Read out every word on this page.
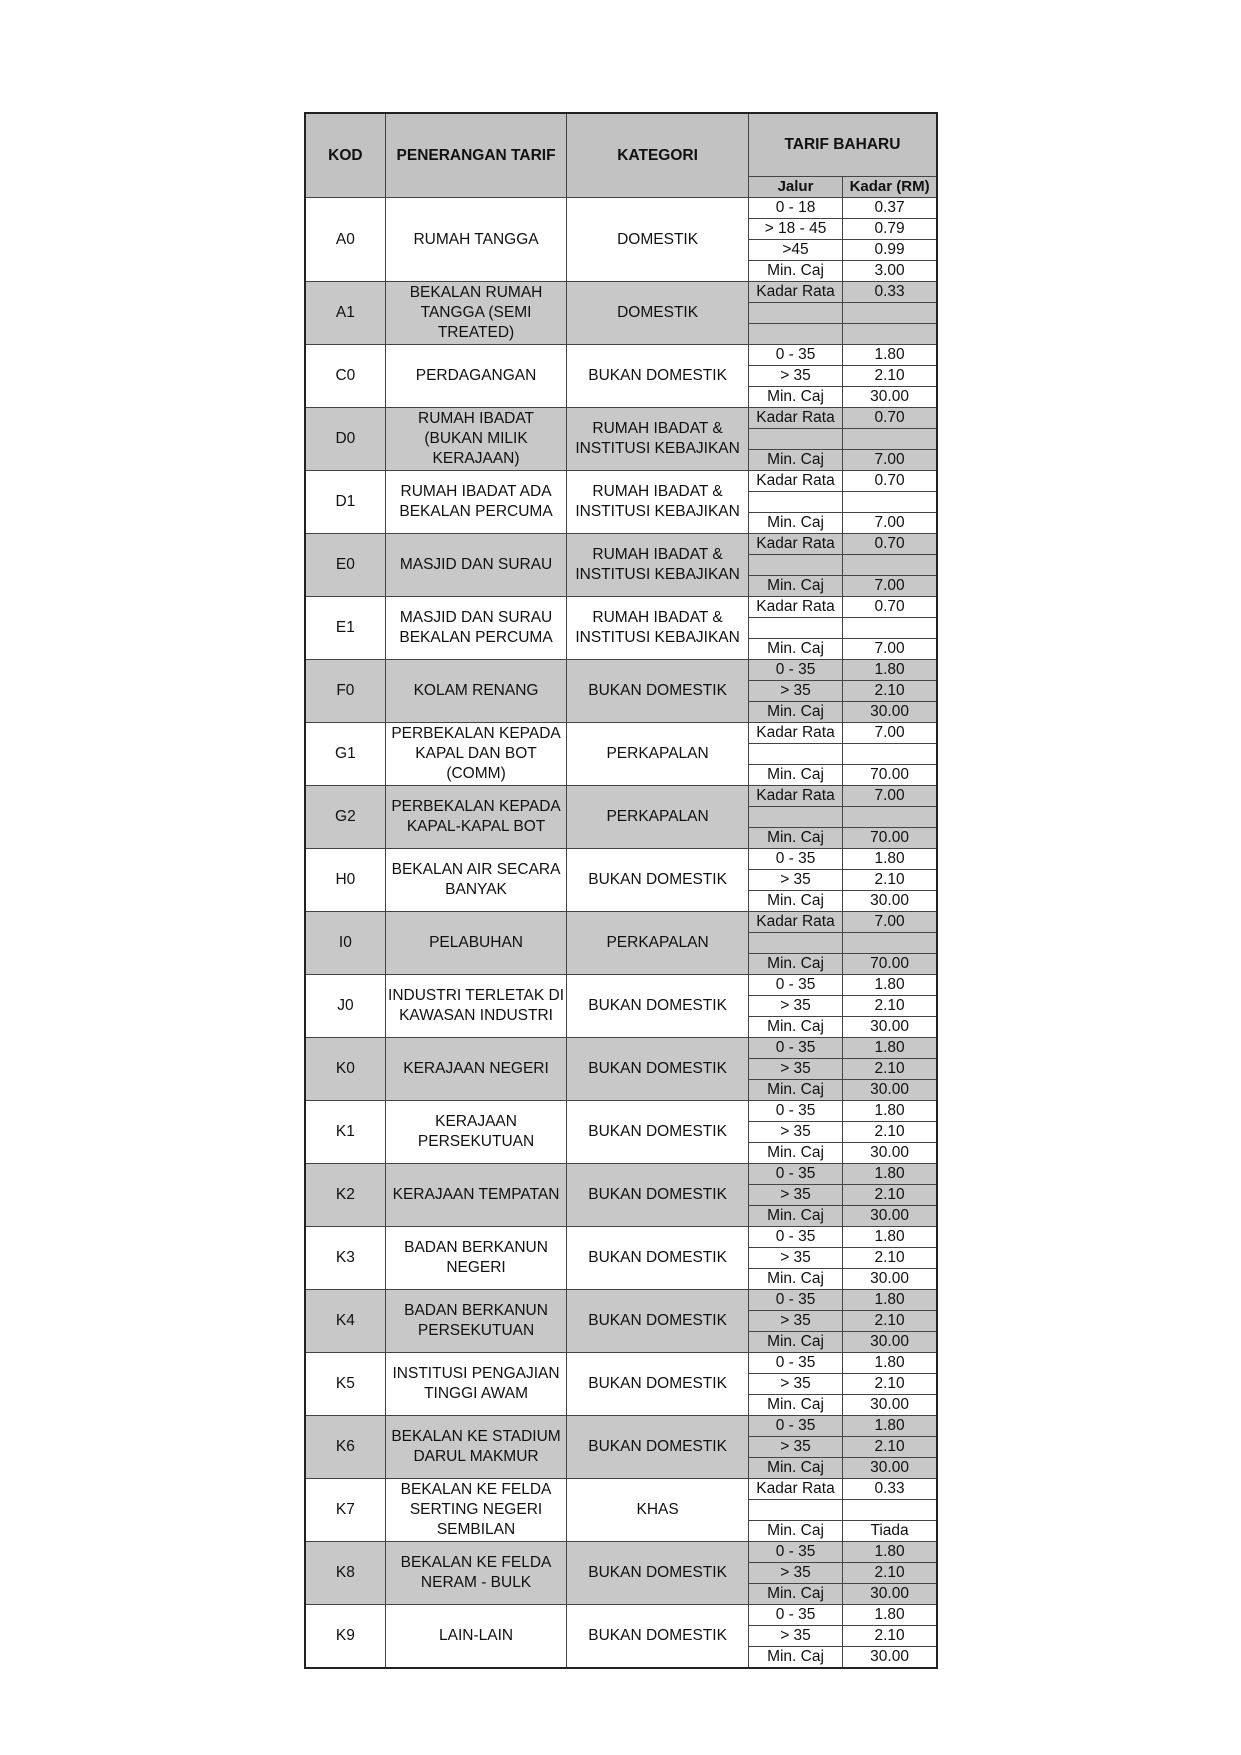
KOD	PENERANGAN TARIF	KATEGORI	TARIF BAHARU	
			Jalur	Kadar (RM)
A0	RUMAH TANGGA	DOMESTIK	0 - 18	0.37
			> 18 - 45	0.79
			>45	0.99
			Min. Caj	3.00
A1	BEKALAN RUMAH TANGGA (SEMI TREATED)	DOMESTIK	Kadar Rata	0.33

C0	PERDAGANGAN	BUKAN DOMESTIK	0 - 35	1.80
			> 35	2.10
			Min. Caj	30.00
D0	RUMAH IBADAT (BUKAN MILIK KERAJAAN)	RUMAH IBADAT & INSTITUSI KEBAJIKAN	Kadar Rata	0.70

			Min. Caj	7.00
D1	RUMAH IBADAT ADA BEKALAN PERCUMA	RUMAH IBADAT & INSTITUSI KEBAJIKAN	Kadar Rata	0.70

			Min. Caj	7.00
E0	MASJID DAN SURAU	RUMAH IBADAT & INSTITUSI KEBAJIKAN	Kadar Rata	0.70

			Min. Caj	7.00
E1	MASJID DAN SURAU BEKALAN PERCUMA	RUMAH IBADAT & INSTITUSI KEBAJIKAN	Kadar Rata	0.70

			Min. Caj	7.00
F0	KOLAM RENANG	BUKAN DOMESTIK	0 - 35	1.80
			> 35	2.10
			Min. Caj	30.00
G1	PERBEKALAN KEPADA KAPAL DAN BOT (COMM)	PERKAPALAN	Kadar Rata	7.00

			Min. Caj	70.00
G2	PERBEKALAN KEPADA KAPAL-KAPAL BOT	PERKAPALAN	Kadar Rata	7.00

			Min. Caj	70.00
H0	BEKALAN AIR SECARA BANYAK	BUKAN DOMESTIK	0 - 35	1.80
			> 35	2.10
			Min. Caj	30.00
I0	PELABUHAN	PERKAPALAN	Kadar Rata	7.00

			Min. Caj	70.00
J0	INDUSTRI TERLETAK DI KAWASAN INDUSTRI	BUKAN DOMESTIK	0 - 35	1.80
			> 35	2.10
			Min. Caj	30.00
K0	KERAJAAN NEGERI	BUKAN DOMESTIK	0 - 35	1.80
			> 35	2.10
			Min. Caj	30.00
K1	KERAJAAN PERSEKUTUAN	BUKAN DOMESTIK	0 - 35	1.80
			> 35	2.10
			Min. Caj	30.00
K2	KERAJAAN TEMPATAN	BUKAN DOMESTIK	0 - 35	1.80
			> 35	2.10
			Min. Caj	30.00
K3	BADAN BERKANUN NEGERI	BUKAN DOMESTIK	0 - 35	1.80
			> 35	2.10
			Min. Caj	30.00
K4	BADAN BERKANUN PERSEKUTUAN	BUKAN DOMESTIK	0 - 35	1.80
			> 35	2.10
			Min. Caj	30.00
K5	INSTITUSI PENGAJIAN TINGGI AWAM	BUKAN DOMESTIK	0 - 35	1.80
			> 35	2.10
			Min. Caj	30.00
K6	BEKALAN KE STADIUM DARUL MAKMUR	BUKAN DOMESTIK	0 - 35	1.80
			> 35	2.10
			Min. Caj	30.00
K7	BEKALAN KE FELDA SERTING NEGERI SEMBILAN	KHAS	Kadar Rata	0.33

			Min. Caj	Tiada
K8	BEKALAN KE FELDA NERAM - BULK	BUKAN DOMESTIK	0 - 35	1.80
			> 35	2.10
			Min. Caj	30.00
K9	LAIN-LAIN	BUKAN DOMESTIK	0 - 35	1.80
			> 35	2.10
			Min. Caj	30.00
